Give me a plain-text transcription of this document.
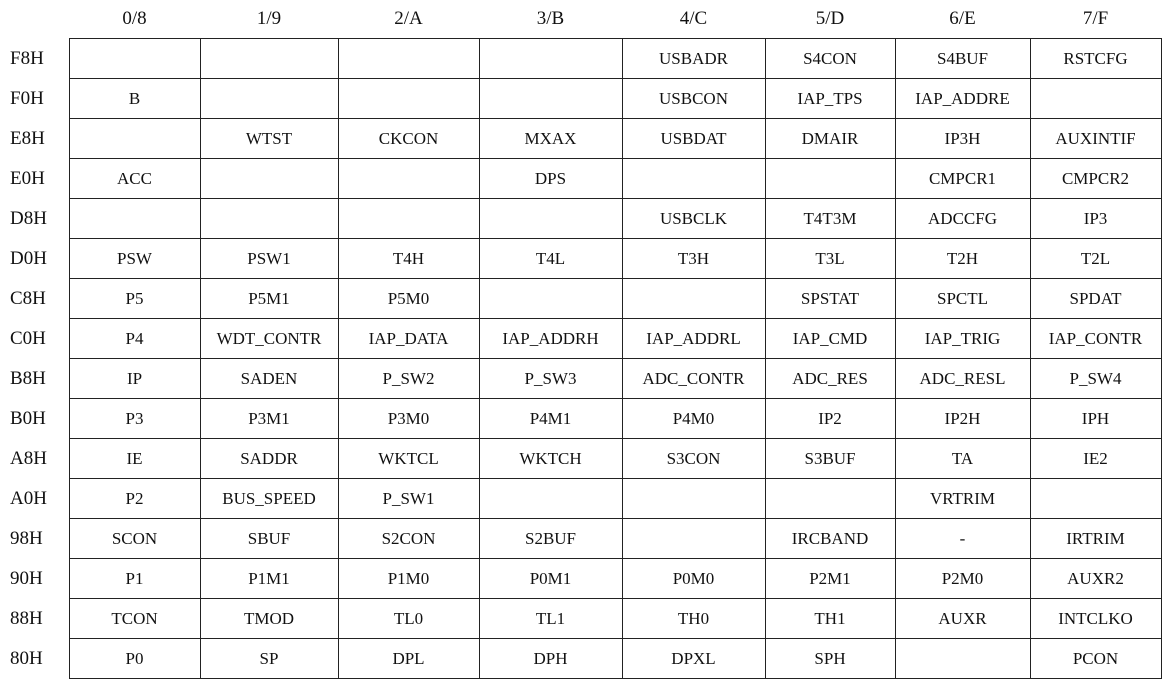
	0/8	1/9	2/A	3/B	4/C	5/D	6/E	7/F
F8H					USBADR	S4CON	S4BUF	RSTCFG
F0H	B				USBCON	IAP_TPS	IAP_ADDRE	
E8H		WTST	CKCON	MXAX	USBDAT	DMAIR	IP3H	AUXINTIF
E0H	ACC			DPS			CMPCR1	CMPCR2
D8H					USBCLK	T4T3M	ADCCFG	IP3
D0H	PSW	PSW1	T4H	T4L	T3H	T3L	T2H	T2L
C8H	P5	P5M1	P5M0			SPSTAT	SPCTL	SPDAT
C0H	P4	WDT_CONTR	IAP_DATA	IAP_ADDRH	IAP_ADDRL	IAP_CMD	IAP_TRIG	IAP_CONTR
B8H	IP	SADEN	P_SW2	P_SW3	ADC_CONTR	ADC_RES	ADC_RESL	P_SW4
B0H	P3	P3M1	P3M0	P4M1	P4M0	IP2	IP2H	IPH
A8H	IE	SADDR	WKTCL	WKTCH	S3CON	S3BUF	TA	IE2
A0H	P2	BUS_SPEED	P_SW1				VRTRIM	
98H	SCON	SBUF	S2CON	S2BUF		IRCBAND	-	IRTRIM
90H	P1	P1M1	P1M0	P0M1	P0M0	P2M1	P2M0	AUXR2
88H	TCON	TMOD	TL0	TL1	TH0	TH1	AUXR	INTCLKO
80H	P0	SP	DPL	DPH	DPXL	SPH		PCON
